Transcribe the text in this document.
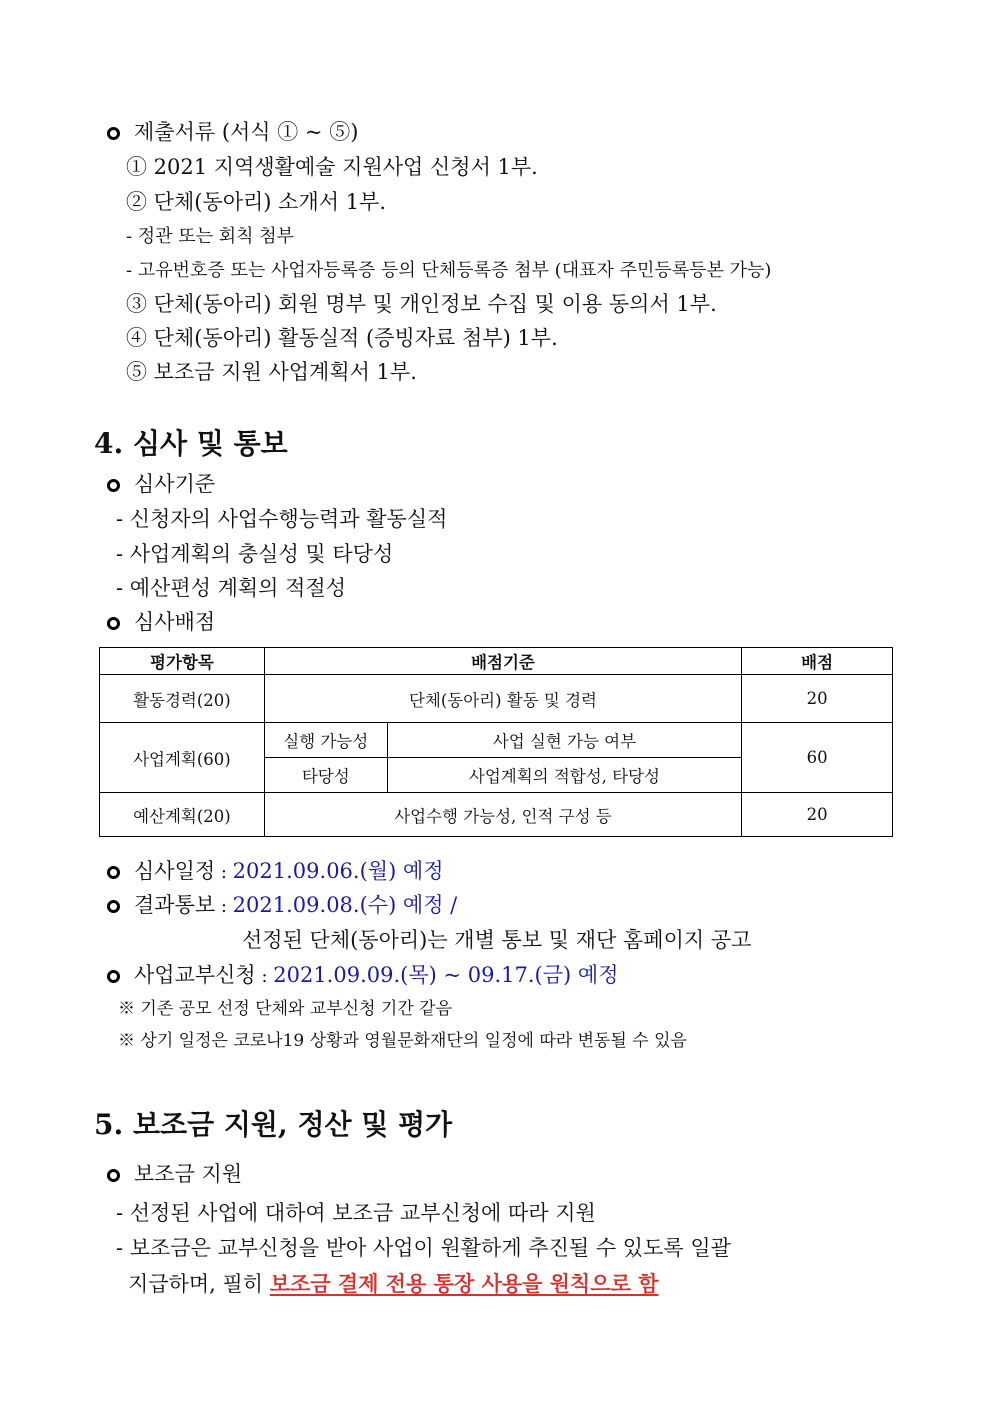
제출서류 (서식 ① ~ ⑤)
① 2021 지역생활예술 지원사업 신청서 1부.
② 단체(동아리) 소개서 1부.
- 정관 또는 회칙 첨부
- 고유번호증 또는 사업자등록증 등의 단체등록증 첨부 (대표자 주민등록등본 가능)
③ 단체(동아리) 회원 명부 및 개인정보 수집 및 이용 동의서 1부.
④ 단체(동아리) 활동실적 (증빙자료 첨부) 1부.
⑤ 보조금 지원 사업계획서 1부.
4. 심사 및 통보
심사기준
- 신청자의 사업수행능력과 활동실적
- 사업계획의 충실성 및 타당성
- 예산편성 계획의 적절성
심사배점
평가항목	배점기준		배점
활동경력(20)	단체(동아리) 활동 및 경력		20
사업계획(60)	실행 가능성	사업 실현 가능 여부	60
	타당성	사업계획의 적합성, 타당성	
예산계획(20)	사업수행 가능성, 인적 구성 등		20
심사일정 : 2021.09.06.(월) 예정
결과통보 : 2021.09.08.(수) 예정 /
선정된 단체(동아리)는 개별 통보 및 재단 홈페이지 공고
사업교부신청 : 2021.09.09.(목) ~ 09.17.(금) 예정
※ 기존 공모 선정 단체와 교부신청 기간 같음
※ 상기 일정은 코로나19 상황과 영월문화재단의 일정에 따라 변동될 수 있음
5. 보조금 지원, 정산 및 평가
보조금 지원
- 선정된 사업에 대하여 보조금 교부신청에 따라 지원
- 보조금은 교부신청을 받아 사업이 원활하게 추진될 수 있도록 일괄
지급하며, 필히 보조금 결제 전용 통장 사용을 원칙으로 함
